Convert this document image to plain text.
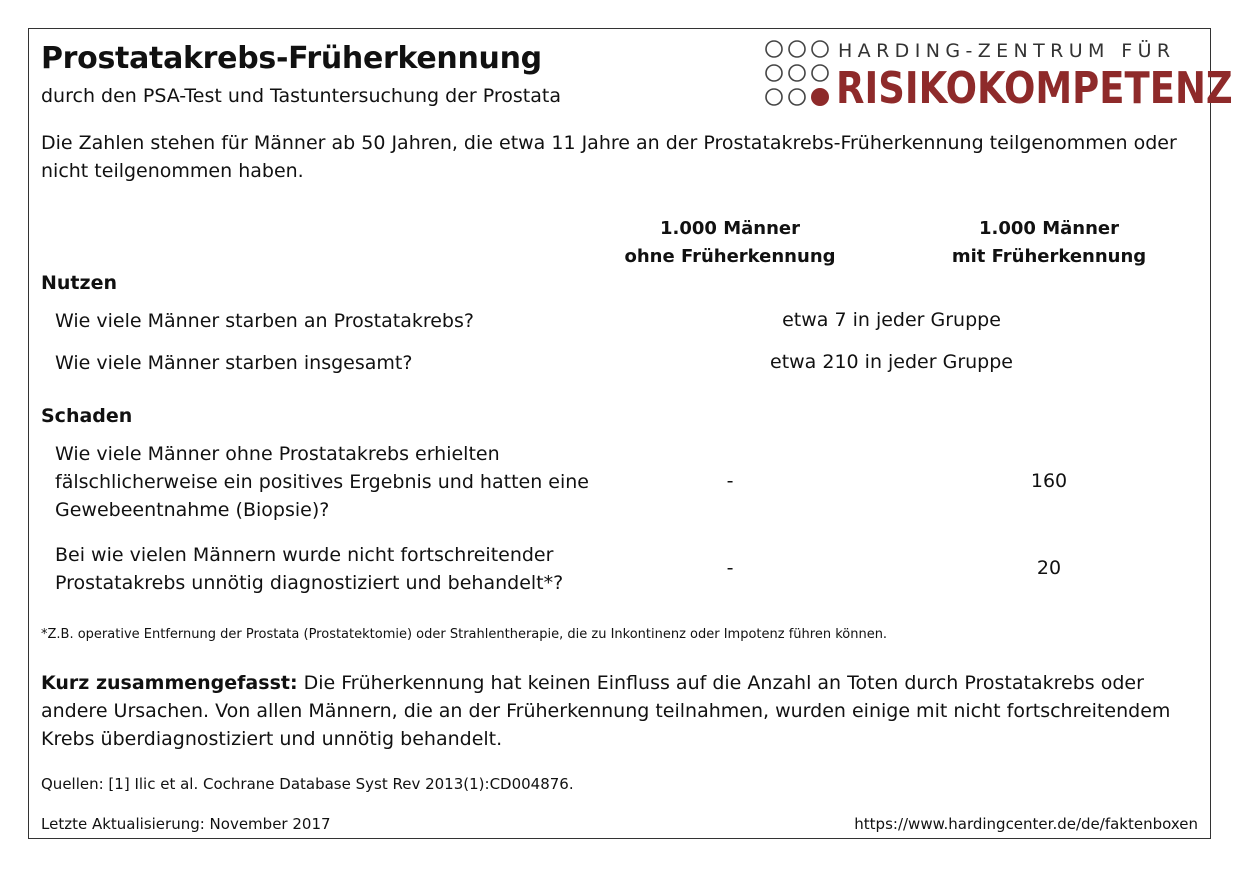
Prostatakrebs-Früherkennung
durch den PSA-Test und Tastuntersuchung der Prostata
HARDING-ZENTRUM FÜR
RISIKOKOMPETENZ
Die Zahlen stehen für Männer ab 50 Jahren, die etwa 11 Jahre an der Prostatakrebs-Früherkennung teilgenommen oder nicht teilgenommen haben.
1.000 Männer
ohne Früherkennung
1.000 Männer
mit Früherkennung
Nutzen
Wie viele Männer starben an Prostatakrebs?	etwa 7 in jeder Gruppe
Wie viele Männer starben insgesamt?	etwa 210 in jeder Gruppe
Schaden
Wie viele Männer ohne Prostatakrebs erhielten fälschlicherweise ein positives Ergebnis und hatten eine Gewebeentnahme (Biopsie)?
-	160
Bei wie vielen Männern wurde nicht fortschreitender Prostatakrebs unnötig diagnostiziert und behandelt*?
-	20
*Z.B. operative Entfernung der Prostata (Prostatektomie) oder Strahlentherapie, die zu Inkontinenz oder Impotenz führen können.
Kurz zusammengefasst: Die Früherkennung hat keinen Einfluss auf die Anzahl an Toten durch Prostatakrebs oder andere Ursachen. Von allen Männern, die an der Früherkennung teilnahmen, wurden einige mit nicht fortschreitendem Krebs überdiagnostiziert und unnötig behandelt.
Quellen: [1] Ilic et al. Cochrane Database Syst Rev 2013(1):CD004876.
Letzte Aktualisierung: November 2017	https://www.hardingcenter.de/de/faktenboxen
